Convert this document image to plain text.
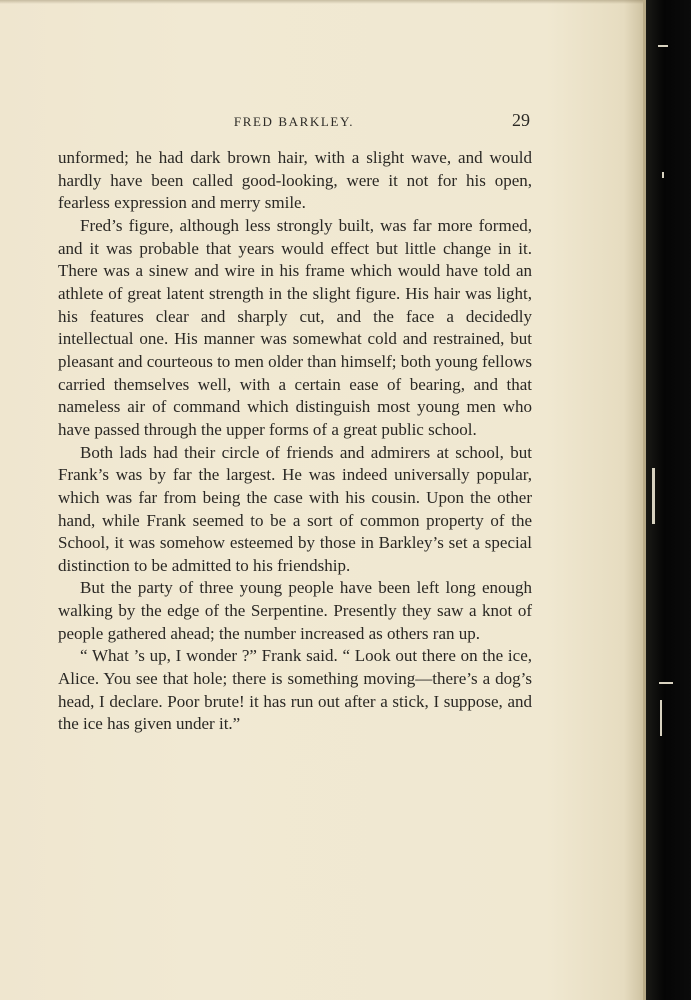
FRED BARKLEY.	29

unformed; he had dark brown hair, with a slight wave, and would hardly have been called good-looking, were it not for his open, fearless expression and merry smile.

Fred’s figure, although less strongly built, was far more formed, and it was probable that years would effect but little change in it. There was a sinew and wire in his frame which would have told an athlete of great latent strength in the slight figure. His hair was light, his features clear and sharply cut, and the face a decidedly intellectual one. His manner was somewhat cold and restrained, but pleasant and courteous to men older than himself; both young fellows carried themselves well, with a certain ease of bearing, and that nameless air of command which distinguish most young men who have passed through the upper forms of a great public school.

Both lads had their circle of friends and admirers at school, but Frank’s was by far the largest. He was indeed universally popular, which was far from being the case with his cousin. Upon the other hand, while Frank seemed to be a sort of common property of the School, it was somehow esteemed by those in Barkley’s set a special distinction to be admitted to his friendship.

But the party of three young people have been left long enough walking by the edge of the Serpentine. Presently they saw a knot of people gathered ahead; the number increased as others ran up.

“ What ’s up, I wonder ?” Frank said. “ Look out there on the ice, Alice. You see that hole; there is something moving—there’s a dog’s head, I declare. Poor brute! it has run out after a stick, I suppose, and the ice has given under it.”
